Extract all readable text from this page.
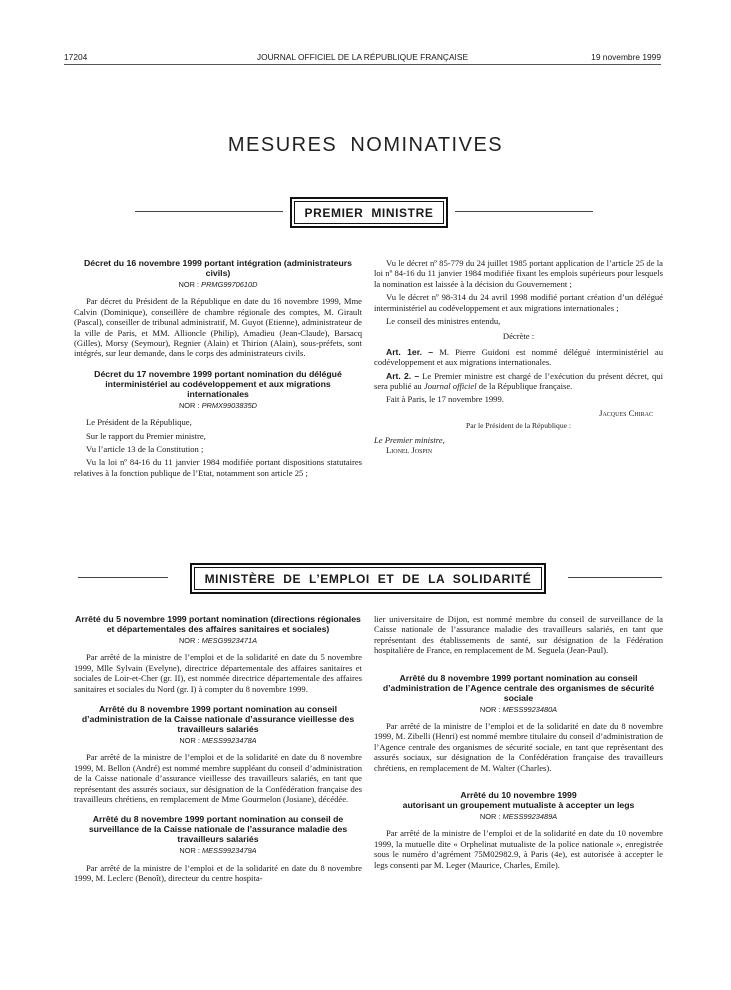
17204	JOURNAL OFFICIEL DE LA RÉPUBLIQUE FRANÇAISE	19 novembre 1999
MESURES NOMINATIVES
PREMIER MINISTRE
Décret du 16 novembre 1999 portant intégration (administrateurs civils)
NOR : PRMG9970610D

Par décret du Président de la République en date du 16 novembre 1999, Mme Calvin (Dominique), conseillère de chambre régionale des comptes, M. Girault (Pascal), conseiller de tribunal administratif, M. Guyot (Etienne), administrateur de la ville de Paris, et MM. Allioncle (Philip), Amadieu (Jean-Claude), Barsacq (Gilles), Morsy (Seymour), Regnier (Alain) et Thirion (Alain), sous-préfets, sont intégrés, sur leur demande, dans le corps des administrateurs civils.

Décret du 17 novembre 1999 portant nomination du délégué interministériel au codéveloppement et aux migrations internationales
NOR : PRMX9903835D

Le Président de la République,

Sur le rapport du Premier ministre,

Vu l’article 13 de la Constitution ;

Vu la loi nº 84-16 du 11 janvier 1984 modifiée portant dispositions statutaires relatives à la fonction publique de l’Etat, notamment son article 25 ;

Vu le décret nº 85-779 du 24 juillet 1985 portant application de l’article 25 de la loi nº 84-16 du 11 janvier 1984 modifiée fixant les emplois supérieurs pour lesquels la nomination est laissée à la décision du Gouvernement ;

Vu le décret nº 98-314 du 24 avril 1998 modifié portant création d’un délégué interministériel au codéveloppement et aux migrations internationales ;

Le conseil des ministres entendu,

Décrète :

Art. 1er. – M. Pierre Guidoni est nommé délégué interministériel au codéveloppement et aux migrations internationales.

Art. 2. – Le Premier ministre est chargé de l’exécution du présent décret, qui sera publié au Journal officiel de la République française.

Fait à Paris, le 17 novembre 1999.

Jacques Chirac
Par le Président de la République :

Le Premier ministre,

Lionel Jospin
MINISTÈRE DE L’EMPLOI ET DE LA SOLIDARITÉ
Arrêté du 5 novembre 1999 portant nomination (directions régionales et départementales des affaires sanitaires et sociales)
NOR : MESG9923471A

Par arrêté de la ministre de l’emploi et de la solidarité en date du 5 novembre 1999, Mlle Sylvain (Evelyne), directrice départementale des affaires sanitaires et sociales de Loir-et-Cher (gr. II), est nommée directrice départementale des affaires sanitaires et sociales du Nord (gr. I) à compter du 8 novembre 1999.

Arrêté du 8 novembre 1999 portant nomination au conseil d’administration de la Caisse nationale d’assurance vieillesse des travailleurs salariés
NOR : MESS9923478A

Par arrêté de la ministre de l’emploi et de la solidarité en date du 8 novembre 1999, M. Bellon (André) est nommé membre suppléant du conseil d’administration de la Caisse nationale d’assurance vieillesse des travailleurs salariés, en tant que représentant des assurés sociaux, sur désignation de la Confédération française des travailleurs chrétiens, en remplacement de Mme Gourmelon (Josiane), décédée.

Arrêté du 8 novembre 1999 portant nomination au conseil de surveillance de la Caisse nationale de l’assurance maladie des travailleurs salariés
NOR : MESS9923479A

Par arrêté de la ministre de l’emploi et de la solidarité en date du 8 novembre 1999, M. Leclerc (Benoît), directeur du centre hospita-

lier universitaire de Dijon, est nommé membre du conseil de surveillance de la Caisse nationale de l’assurance maladie des travailleurs salariés, en tant que représentant des établissements de santé, sur désignation de la Fédération hospitalière de France, en remplacement de M. Seguela (Jean-Paul).

Arrêté du 8 novembre 1999 portant nomination au conseil d’administration de l’Agence centrale des organismes de sécurité sociale
NOR : MESS9923480A

Par arrêté de la ministre de l’emploi et de la solidarité en date du 8 novembre 1999, M. Zibelli (Henri) est nommé membre titulaire du conseil d’administration de l’Agence centrale des organismes de sécurité sociale, en tant que représentant des assurés sociaux, sur désignation de la Confédération française des travailleurs chrétiens, en remplacement de M. Walter (Charles).

Arrêté du 10 novembre 1999
autorisant un groupement mutualiste à accepter un legs
NOR : MESS9923489A

Par arrêté de la ministre de l’emploi et de la solidarité en date du 10 novembre 1999, la mutuelle dite « Orphelinat mutualiste de la police nationale », enregistrée sous le numéro d’agrément 75M02982.9, à Paris (4e), est autorisée à accepter le legs consenti par M. Leger (Maurice, Charles, Emile).
